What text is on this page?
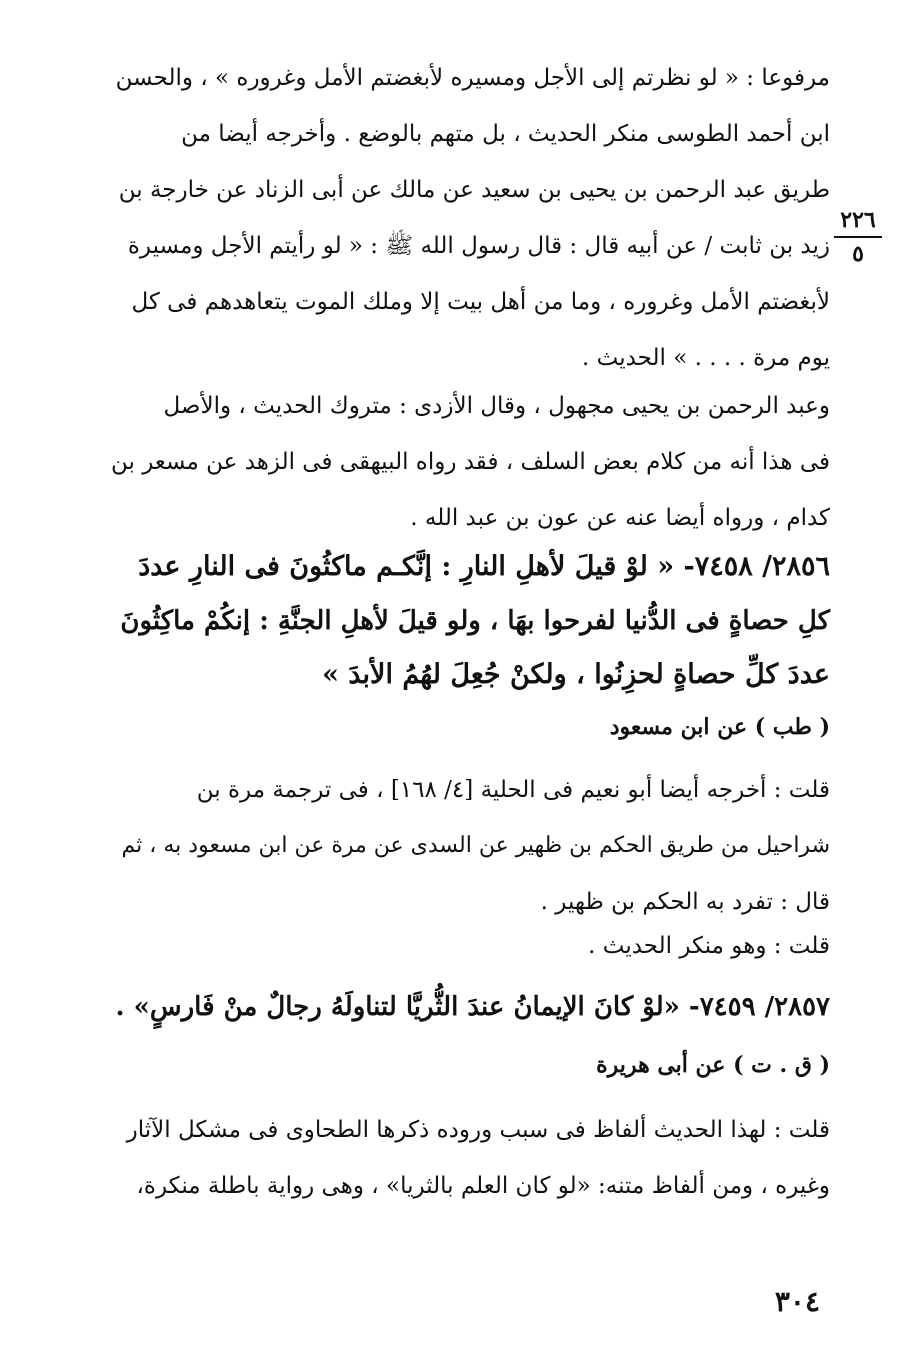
٢٢٦
٥
مرفوعا : « لو نظرتم إلى الأجل ومسيره لأبغضتم الأمل وغروره » ، والحسن
ابن أحمد الطوسى منكر الحديث ، بل متهم بالوضع . وأخرجه أيضا من
طريق عبد الرحمن بن يحيى بن سعيد عن مالك عن أبى الزناد عن خارجة بن
زيد بن ثابت / عن أبيه قال : قال رسول الله ﷺ : « لو رأيتم الأجل ومسيرة
لأبغضتم الأمل وغروره ، وما من أهل بيت إلا وملك الموت يتعاهدهم فى كل
يوم مرة . . . . » الحديث .
وعبد الرحمن بن يحيى مجهول ، وقال الأزدى : متروك الحديث ، والأصل
فى هذا أنه من كلام بعض السلف ، فقد رواه البيهقى فى الزهد عن مسعر بن
كدام ، ورواه أيضا عنه عن عون بن عبد الله .
٢٨٥٦/ ٧٤٥٨- « لوْ قيلَ لأهلِ النارِ : إنَّكـم ماكثُونَ فى النارِ عددَ
كلِ حصاةٍ فى الدُّنيا لفرحوا بهَا ، ولو قيلَ لأهلِ الجنَّةِ : إنكُمْ ماكِثُونَ
عددَ كلِّ حصاةٍ لحزِنُوا ، ولكنْ جُعِلَ لهُمُ الأبدَ »
( طب ) عن ابن مسعود
قلت : أخرجه أيضا أبو نعيم فى الحلية [٤/ ١٦٨] ، فى ترجمة مرة بن
شراحيل من طريق الحكم بن ظهير عن السدى عن مرة عن ابن مسعود به ، ثم
قال : تفرد به الحكم بن ظهير .
قلت : وهو منكر الحديث .
٢٨٥٧/ ٧٤٥٩- «لوْ كانَ الإيمانُ عندَ الثُّريَّا لتناولَهُ رجالٌ منْ فَارسٍ» .
( ق . ت ) عن أبى هريرة
قلت : لهذا الحديث ألفاظ فى سبب وروده ذكرها الطحاوى فى مشكل الآثار
وغيره ، ومن ألفاظ متنه: «لو كان العلم بالثريا» ، وهى رواية باطلة منكرة،
٣٠٤
